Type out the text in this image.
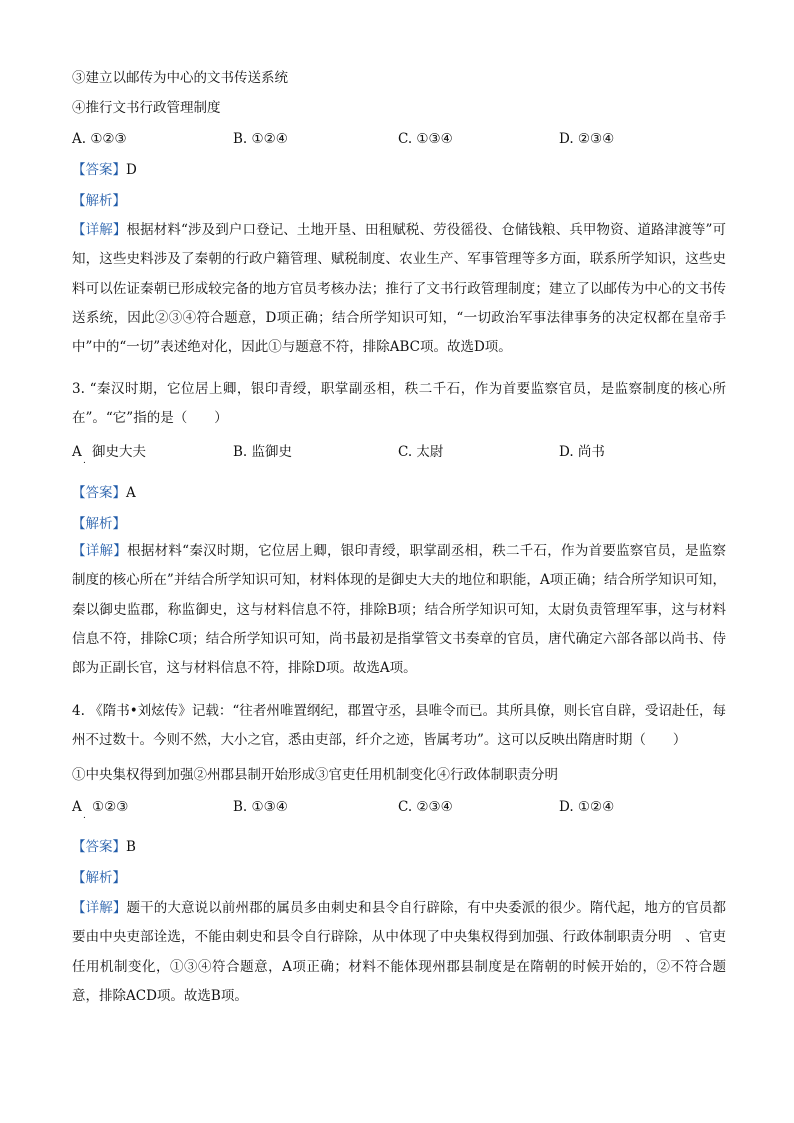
③建立以邮传为中心的文书传送系统
④推行文书行政管理制度
A. ①②③	B. ①②④	C. ①③④	D. ②③④
【答案】D
【解析】
【详解】根据材料“涉及到户口登记、土地开垦、田租赋税、劳役徭役、仓储钱粮、兵甲物资、道路津渡等”可知，这些史料涉及了秦朝的行政户籍管理、赋税制度、农业生产、军事管理等多方面，联系所学知识，这些史料可以佐证秦朝已形成较完备的地方官员考核办法；推行了文书行政管理制度；建立了以邮传为中心的文书传送系统，因此②③④符合题意，D项正确；结合所学知识可知，“一切政治军事法律事务的决定权都在皇帝手中”中的“一切”表述绝对化，因此①与题意不符，排除ABC项。故选D项。
3. “秦汉时期，它位居上卿，银印青绶，职掌副丞相，秩二千石，作为首要监察官员，是监察制度的核心所在”。“它”指的是（　　）
A
.
御史大夫	B. 监御史	C. 太尉	D. 尚书
【答案】A
【解析】
【详解】根据材料“秦汉时期，它位居上卿，银印青绶，职掌副丞相，秩二千石，作为首要监察官员，是监察制度的核心所在”并结合所学知识可知，材料体现的是御史大夫的地位和职能，A项正确；结合所学知识可知，秦以御史监郡，称监御史，这与材料信息不符，排除B项；结合所学知识可知，太尉负责管理军事，这与材料信息不符，排除C项；结合所学知识可知，尚书最初是指掌管文书奏章的官员，唐代确定六部各部以尚书、侍郎为正副长官，这与材料信息不符，排除D项。故选A项。
4. 《隋书•刘炫传》记载：“往者州唯置纲纪，郡置守丞，县唯令而已。其所具僚，则长官自辟，受诏赴任，每州不过数十。今则不然，大小之官，悉由吏部，纤介之迹，皆属考功”。这可以反映出隋唐时期（　　）
①中央集权得到加强②州郡县制开始形成③官吏任用机制变化④行政体制职责分明
A
.
①②③	B. ①③④	C. ②③④	D. ①②④
【答案】B
【解析】
【详解】题干的大意说以前州郡的属员多由刺史和县令自行辟除，有中央委派的很少。隋代起，地方的官员都要由中央吏部诠选，不能由刺史和县令自行辟除，从中体现了中央集权得到加强、行政体制职责分明　、官吏任用机制变化，①③④符合题意，A项正确；材料不能体现州郡县制度是在隋朝的时候开始的，②不符合题意，排除ACD项。故选B项。
